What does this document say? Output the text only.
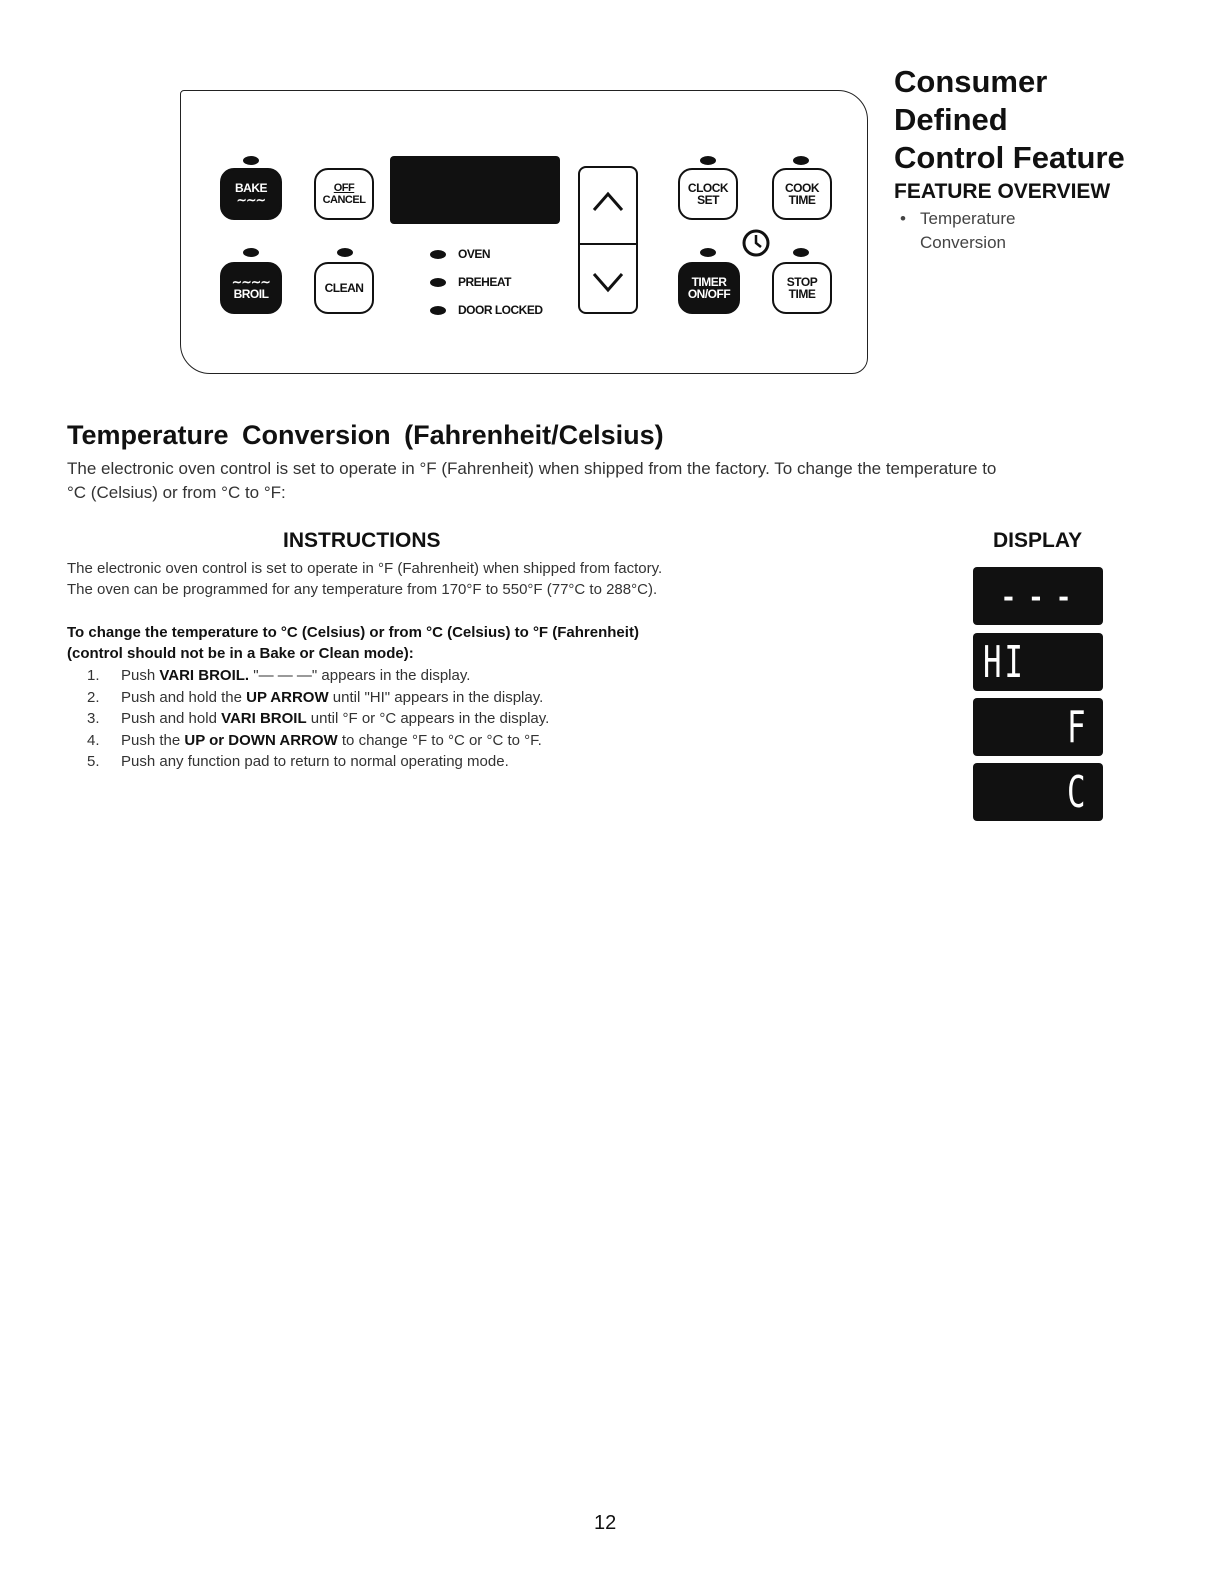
BAKE
∼∼∼
OFF
CANCEL
∼∼∼∼
BROIL	CLEAN
OVEN
PREHEAT
DOOR LOCKED
CLOCK
SET
COOK
TIME
TIMER
ON/OFF
STOP
TIME
Consumer
Defined
Control Feature
FEATURE OVERVIEW
• Temperature
Conversion
Temperature Conversion (Fahrenheit/Celsius)
The electronic oven control is set to operate in °F (Fahrenheit) when shipped from the factory. To change the temperature to
°C (Celsius) or from °C to °F:
INSTRUCTIONS
The electronic oven control is set to operate in °F (Fahrenheit) when shipped from factory.
The oven can be programmed for any temperature from 170°F to 550°F (77°C to 288°C).
To change the temperature to °C (Celsius) or from °C (Celsius) to °F (Fahrenheit)
(control should not be in a Bake or Clean mode):
1.	Push VARI BROIL. "— — —" appears in the display.
2.	Push and hold the UP ARROW until "HI" appears in the display.
3.	Push and hold VARI BROIL until °F or °C appears in the display.
4.	Push the UP or DOWN ARROW to change °F to °C or °C to °F.
5.	Push any function pad to return to normal operating mode.
DISPLAY
- - -
HI
F
C
12
